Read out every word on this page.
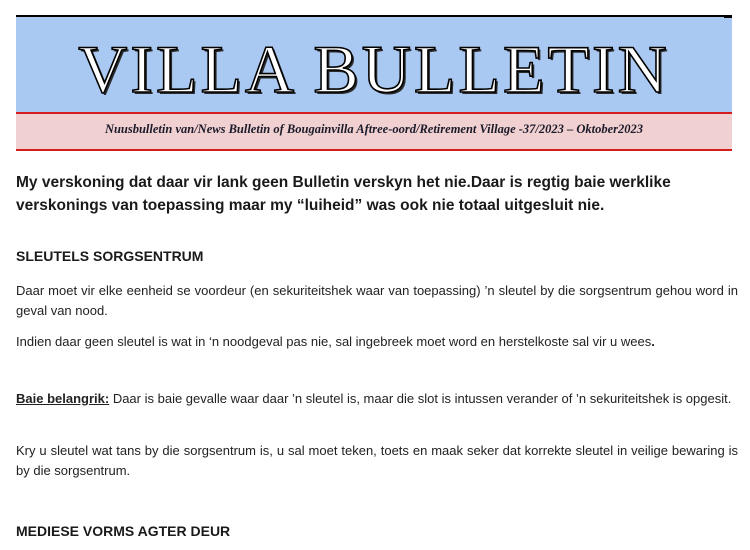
VILLA BULLETIN
Nuusbulletin van/News Bulletin of Bougainvilla Aftree-oord/Retirement Village -37/2023 – Oktober2023
My verskoning dat daar vir lank geen Bulletin verskyn het nie.Daar is regtig baie werklike verskonings van toepassing maar my “luiheid” was ook nie totaal uitgesluit nie.
SLEUTELS SORGSENTRUM
Daar moet vir elke eenheid se voordeur (en sekuriteitshek waar van toepassing) ’n sleutel by die sorgsentrum gehou word in geval van nood.
Indien daar geen sleutel is wat in ‘n noodgeval pas nie, sal ingebreek moet word en herstelkoste sal vir u wees.
Baie belangrik: Daar is baie gevalle waar daar ’n sleutel is, maar die slot is intussen verander of ’n sekuriteitshek is opgesit.
Kry u sleutel wat tans by die sorgsentrum is, u sal moet teken, toets en maak seker dat korrekte sleutel in veilige bewaring is by die sorgsentrum.
MEDIESE VORMS AGTER DEUR
